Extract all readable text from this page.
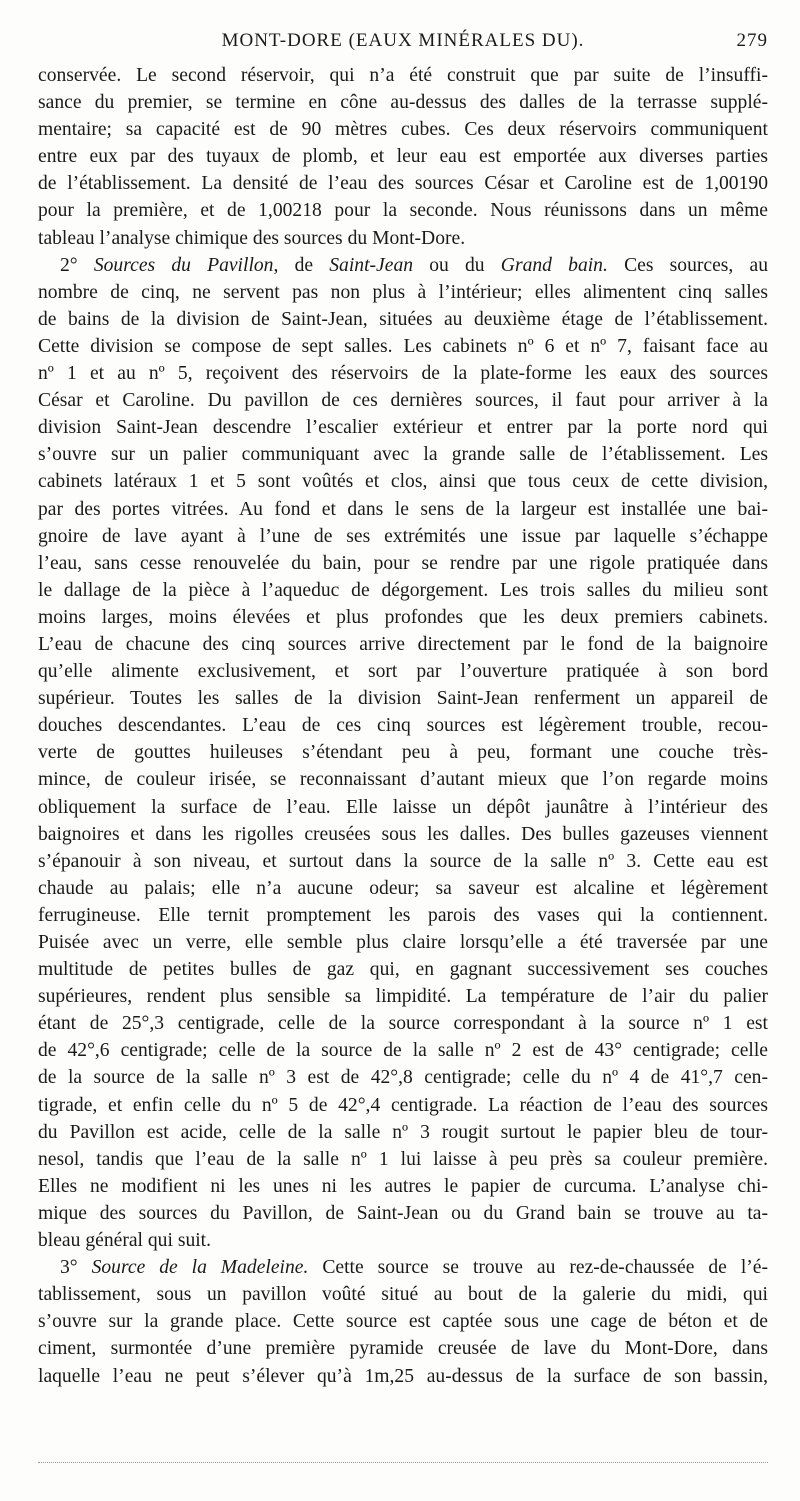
MONT-DORE (EAUX MINÉRALES DU).	279
conservée. Le second réservoir, qui n’a été construit que par suite de l’insuffi-
sance du premier, se termine en cône au-dessus des dalles de la terrasse supplé-
mentaire; sa capacité est de 90 mètres cubes. Ces deux réservoirs communiquent
entre eux par des tuyaux de plomb, et leur eau est emportée aux diverses parties
de l’établissement. La densité de l’eau des sources César et Caroline est de 1,00190
pour la première, et de 1,00218 pour la seconde. Nous réunissons dans un même
tableau l’analyse chimique des sources du Mont-Dore.
2° Sources du Pavillon, de Saint-Jean ou du Grand bain. Ces sources, au
nombre de cinq, ne servent pas non plus à l’intérieur; elles alimentent cinq salles
de bains de la division de Saint-Jean, situées au deuxième étage de l’établissement.
Cette division se compose de sept salles. Les cabinets nº 6 et nº 7, faisant face au
nº 1 et au nº 5, reçoivent des réservoirs de la plate-forme les eaux des sources
César et Caroline. Du pavillon de ces dernières sources, il faut pour arriver à la
division Saint-Jean descendre l’escalier extérieur et entrer par la porte nord qui
s’ouvre sur un palier communiquant avec la grande salle de l’établissement. Les
cabinets latéraux 1 et 5 sont voûtés et clos, ainsi que tous ceux de cette division,
par des portes vitrées. Au fond et dans le sens de la largeur est installée une bai-
gnoire de lave ayant à l’une de ses extrémités une issue par laquelle s’échappe
l’eau, sans cesse renouvelée du bain, pour se rendre par une rigole pratiquée dans
le dallage de la pièce à l’aqueduc de dégorgement. Les trois salles du milieu sont
moins larges, moins élevées et plus profondes que les deux premiers cabinets.
L’eau de chacune des cinq sources arrive directement par le fond de la baignoire
qu’elle alimente exclusivement, et sort par l’ouverture pratiquée à son bord
supérieur. Toutes les salles de la division Saint-Jean renferment un appareil de
douches descendantes. L’eau de ces cinq sources est légèrement trouble, recou-
verte de gouttes huileuses s’étendant peu à peu, formant une couche très-
mince, de couleur irisée, se reconnaissant d’autant mieux que l’on regarde moins
obliquement la surface de l’eau. Elle laisse un dépôt jaunâtre à l’intérieur des
baignoires et dans les rigolles creusées sous les dalles. Des bulles gazeuses viennent
s’épanouir à son niveau, et surtout dans la source de la salle nº 3. Cette eau est
chaude au palais; elle n’a aucune odeur; sa saveur est alcaline et légèrement
ferrugineuse. Elle ternit promptement les parois des vases qui la contiennent.
Puisée avec un verre, elle semble plus claire lorsqu’elle a été traversée par une
multitude de petites bulles de gaz qui, en gagnant successivement ses couches
supérieures, rendent plus sensible sa limpidité. La température de l’air du palier
étant de 25°,3 centigrade, celle de la source correspondant à la source nº 1 est
de 42°,6 centigrade; celle de la source de la salle nº 2 est de 43° centigrade; celle
de la source de la salle nº 3 est de 42°,8 centigrade; celle du nº 4 de 41°,7 cen-
tigrade, et enfin celle du nº 5 de 42°,4 centigrade. La réaction de l’eau des sources
du Pavillon est acide, celle de la salle nº 3 rougit surtout le papier bleu de tour-
nesol, tandis que l’eau de la salle nº 1 lui laisse à peu près sa couleur première.
Elles ne modifient ni les unes ni les autres le papier de curcuma. L’analyse chi-
mique des sources du Pavillon, de Saint-Jean ou du Grand bain se trouve au ta-
bleau général qui suit.
3° Source de la Madeleine. Cette source se trouve au rez-de-chaussée de l’é-
tablissement, sous un pavillon voûté situé au bout de la galerie du midi, qui
s’ouvre sur la grande place. Cette source est captée sous une cage de béton et de
ciment, surmontée d’une première pyramide creusée de lave du Mont-Dore, dans
laquelle l’eau ne peut s’élever qu’à 1m,25 au-dessus de la surface de son bassin,
